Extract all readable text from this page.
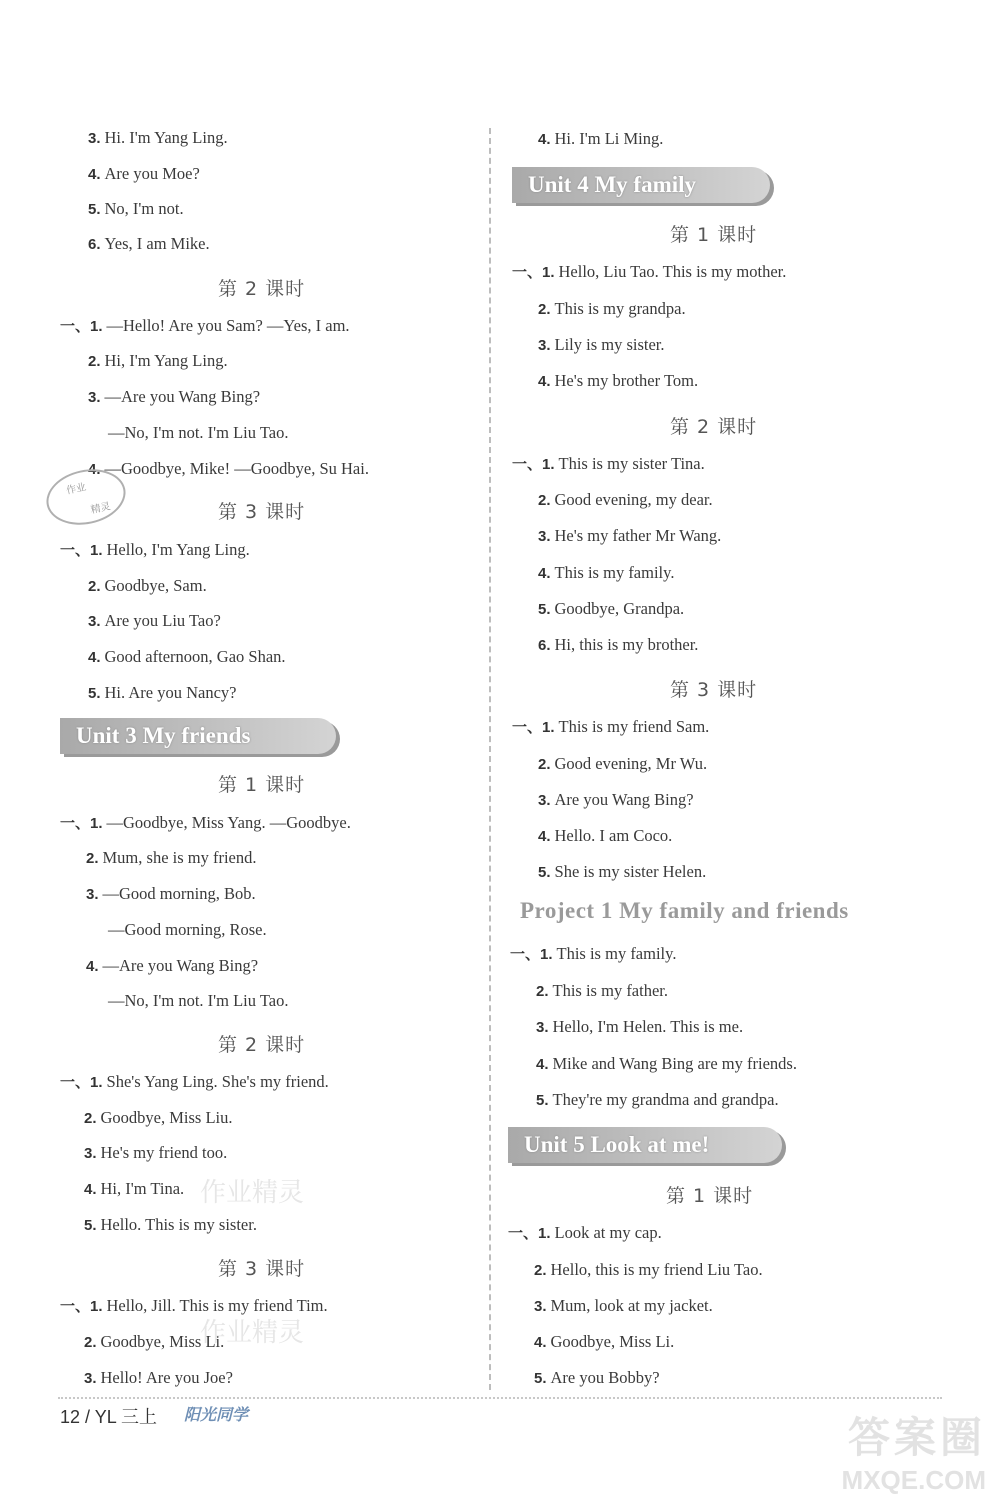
3. Hi. I'm Yang Ling.
4. Are you Moe?
5. No, I'm not.
6. Yes, I am Mike.
第 2 课时
一、1. —Hello! Are you Sam? —Yes, I am.
2. Hi, I'm Yang Ling.
3. —Are you Wang Bing?
—No, I'm not. I'm Liu Tao.
4. —Goodbye, Mike! —Goodbye, Su Hai.
第 3 课时
一、1. Hello, I'm Yang Ling.
2. Goodbye, Sam.
3. Are you Liu Tao?
4. Good afternoon, Gao Shan.
5. Hi. Are you Nancy?
Unit 3 My friends
第 1 课时
一、1. —Goodbye, Miss Yang. —Goodbye.
2. Mum, she is my friend.
3. —Good morning, Bob.
—Good morning, Rose.
4. —Are you Wang Bing?
—No, I'm not. I'm Liu Tao.
第 2 课时
一、1. She's Yang Ling. She's my friend.
2. Goodbye, Miss Liu.
3. He's my friend too.
4. Hi, I'm Tina.
5. Hello. This is my sister.
第 3 课时
一、1. Hello, Jill. This is my friend Tim.
2. Goodbye, Miss Li.
3. Hello! Are you Joe?
作业
精灵
作业精灵
作业精灵
4. Hi. I'm Li Ming.
Unit 4 My family
第 1 课时
一、1. Hello, Liu Tao. This is my mother.
2. This is my grandpa.
3. Lily is my sister.
4. He's my brother Tom.
第 2 课时
一、1. This is my sister Tina.
2. Good evening, my dear.
3. He's my father Mr Wang.
4. This is my family.
5. Goodbye, Grandpa.
6. Hi, this is my brother.
第 3 课时
一、1. This is my friend Sam.
2. Good evening, Mr Wu.
3. Are you Wang Bing?
4. Hello. I am Coco.
5. She is my sister Helen.
Project 1 My family and friends
一、1. This is my family.
2. This is my father.
3. Hello, I'm Helen. This is me.
4. Mike and Wang Bing are my friends.
5. They're my grandma and grandpa.
Unit 5 Look at me!
第 1 课时
一、1. Look at my cap.
2. Hello, this is my friend Liu Tao.
3. Mum, look at my jacket.
4. Goodbye, Miss Li.
5. Are you Bobby?
12 / YL 三上 阳光同学	答案圈
MXQE.COM
